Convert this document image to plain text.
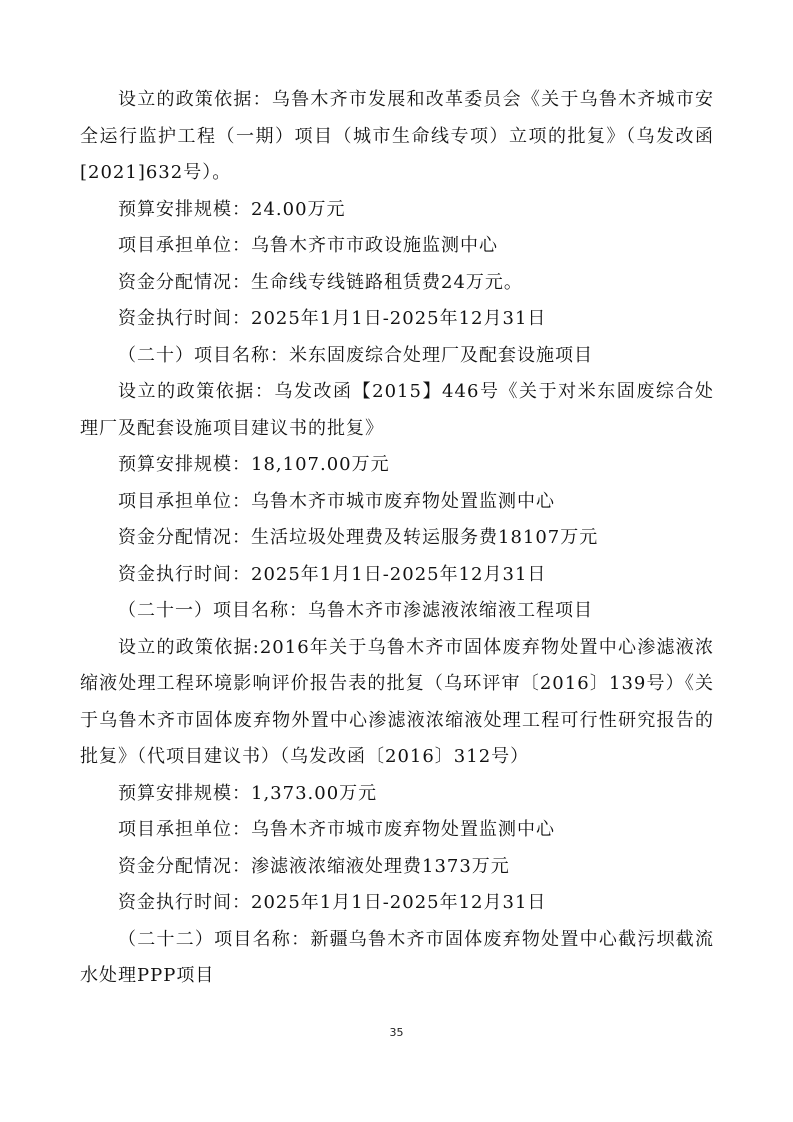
设立的政策依据：乌鲁木齐市发展和改革委员会《关于乌鲁木齐城市安全运行监护工程（一期）项目（城市生命线专项）立项的批复》（乌发改函[2021]632号）。

预算安排规模：24.00万元

项目承担单位：乌鲁木齐市市政设施监测中心

资金分配情况：生命线专线链路租赁费24万元。

资金执行时间：2025年1月1日-2025年12月31日

（二十）项目名称：米东固废综合处理厂及配套设施项目

设立的政策依据：乌发改函【2015】446号《关于对米东固废综合处理厂及配套设施项目建议书的批复》

预算安排规模：18,107.00万元

项目承担单位：乌鲁木齐市城市废弃物处置监测中心

资金分配情况：生活垃圾处理费及转运服务费18107万元

资金执行时间：2025年1月1日-2025年12月31日

（二十一）项目名称：乌鲁木齐市渗滤液浓缩液工程项目

设立的政策依据:2016年关于乌鲁木齐市固体废弃物处置中心渗滤液浓缩液处理工程环境影响评价报告表的批复（乌环评审〔2016〕139号）《关于乌鲁木齐市固体废弃物外置中心渗滤液浓缩液处理工程可行性研究报告的批复》（代项目建议书）（乌发改函〔2016〕312号）

预算安排规模：1,373.00万元

项目承担单位：乌鲁木齐市城市废弃物处置监测中心

资金分配情况：渗滤液浓缩液处理费1373万元

资金执行时间：2025年1月1日-2025年12月31日

（二十二）项目名称：新疆乌鲁木齐市固体废弃物处置中心截污坝截流水处理PPP项目

35
